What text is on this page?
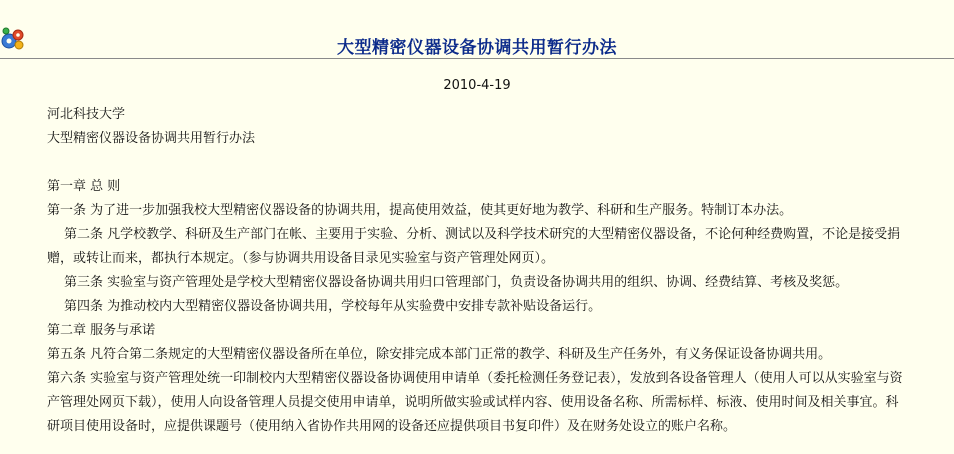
大型精密仪器设备协调共用暂行办法
2010-4-19

河北科技大学

大型精密仪器设备协调共用暂行办法

第一章 总 则

第一条 为了进一步加强我校大型精密仪器设备的协调共用，提高使用效益，使其更好地为教学、科研和生产服务。特制订本办法。

第二条 凡学校教学、科研及生产部门在帐、主要用于实验、分析、测试以及科学技术研究的大型精密仪器设备，不论何种经费购置，不论是接受捐赠，或转让而来，都执行本规定。（参与协调共用设备目录见实验室与资产管理处网页）。

第三条 实验室与资产管理处是学校大型精密仪器设备协调共用归口管理部门，负责设备协调共用的组织、协调、经费结算、考核及奖惩。

第四条 为推动校内大型精密仪器设备协调共用，学校每年从实验费中安排专款补贴设备运行。

第二章 服务与承诺

第五条 凡符合第二条规定的大型精密仪器设备所在单位，除安排完成本部门正常的教学、科研及生产任务外，有义务保证设备协调共用。

第六条 实验室与资产管理处统一印制校内大型精密仪器设备协调使用申请单（委托检测任务登记表），发放到各设备管理人（使用人可以从实验室与资产管理处网页下载），使用人向设备管理人员提交使用申请单，说明所做实验或试样内容、使用设备名称、所需标样、标液、使用时间及相关事宜。科研项目使用设备时，应提供课题号（使用纳入省协作共用网的设备还应提供项目书复印件）及在财务处设立的账户名称。
